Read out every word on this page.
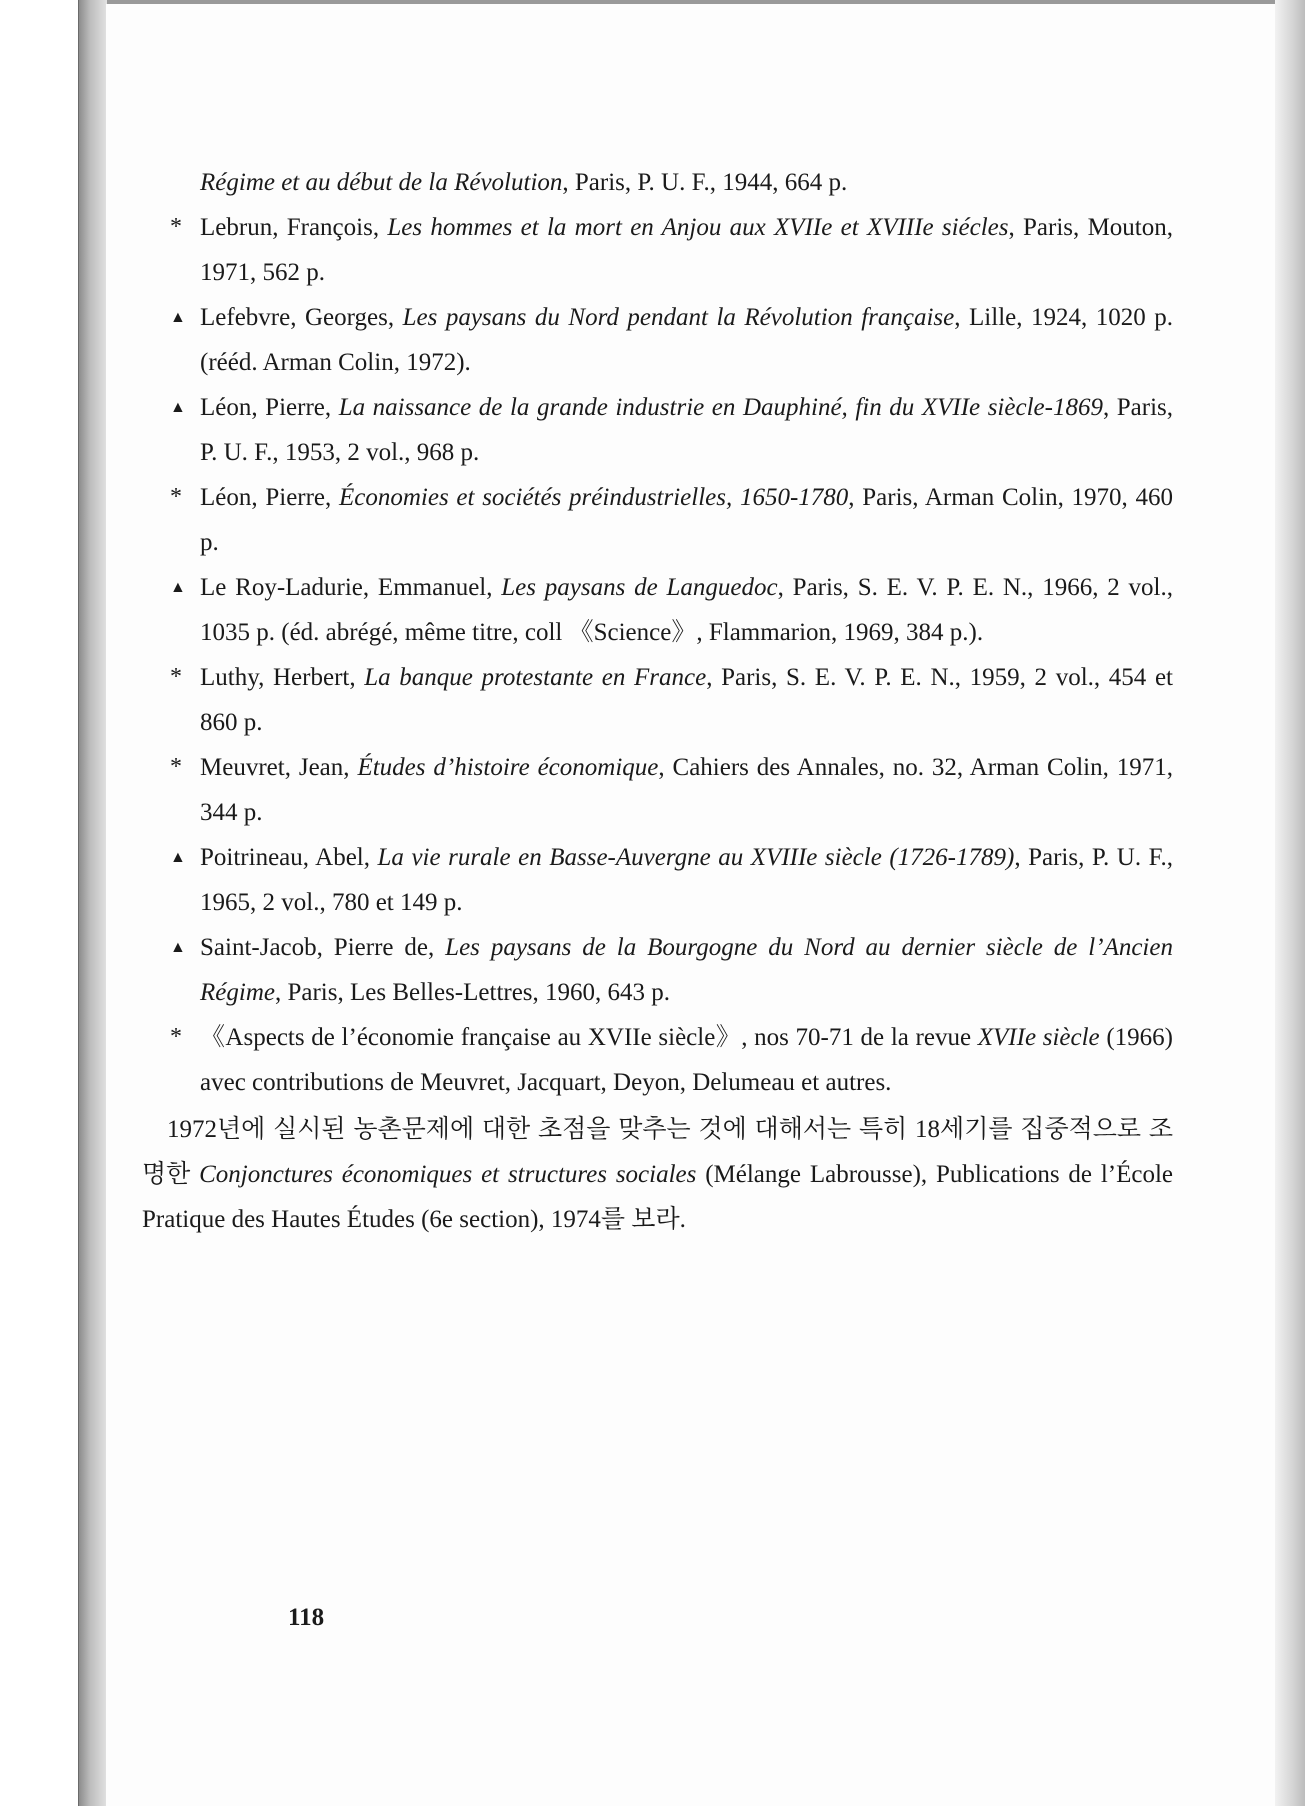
Régime et au début de la Révolution, Paris, P. U. F., 1944, 664 p.
* Lebrun, François, Les hommes et la mort en Anjou aux XVIIe et XVIIIe siécles, Paris, Mouton, 1971, 562 p.
▲ Lefebvre, Georges, Les paysans du Nord pendant la Révolution française, Lille, 1924, 1020 p. (rééd. Arman Colin, 1972).
▲ Léon, Pierre, La naissance de la grande industrie en Dauphiné, fin du XVIIe siècle-1869, Paris, P. U. F., 1953, 2 vol., 968 p.
* Léon, Pierre, Économies et sociétés préindustrielles, 1650-1780, Paris, Arman Colin, 1970, 460 p.
▲ Le Roy-Ladurie, Emmanuel, Les paysans de Languedoc, Paris, S. E. V. P. E. N., 1966, 2 vol., 1035 p. (éd. abrégé, même titre, coll 《Science》, Flammarion, 1969, 384 p.).
* Luthy, Herbert, La banque protestante en France, Paris, S. E. V. P. E. N., 1959, 2 vol., 454 et 860 p.
* Meuvret, Jean, Études d’histoire économique, Cahiers des Annales, no. 32, Arman Colin, 1971, 344 p.
▲ Poitrineau, Abel, La vie rurale en Basse-Auvergne au XVIIIe siècle (1726-1789), Paris, P. U. F., 1965, 2 vol., 780 et 149 p.
▲ Saint-Jacob, Pierre de, Les paysans de la Bourgogne du Nord au dernier siècle de l’Ancien Régime, Paris, Les Belles-Lettres, 1960, 643 p.
* 《Aspects de l’économie française au XVIIe siècle》, nos 70-71 de la revue XVIIe siècle (1966) avec contributions de Meuvret, Jacquart, Deyon, Delumeau et autres.
1972년에 실시된 농촌문제에 대한 초점을 맞추는 것에 대해서는 특히 18세기를 집중적으로 조명한 Conjonctures économiques et structures sociales (Mélange Labrousse), Publications de l’École Pratique des Hautes Études (6e section), 1974를 보라.
118
